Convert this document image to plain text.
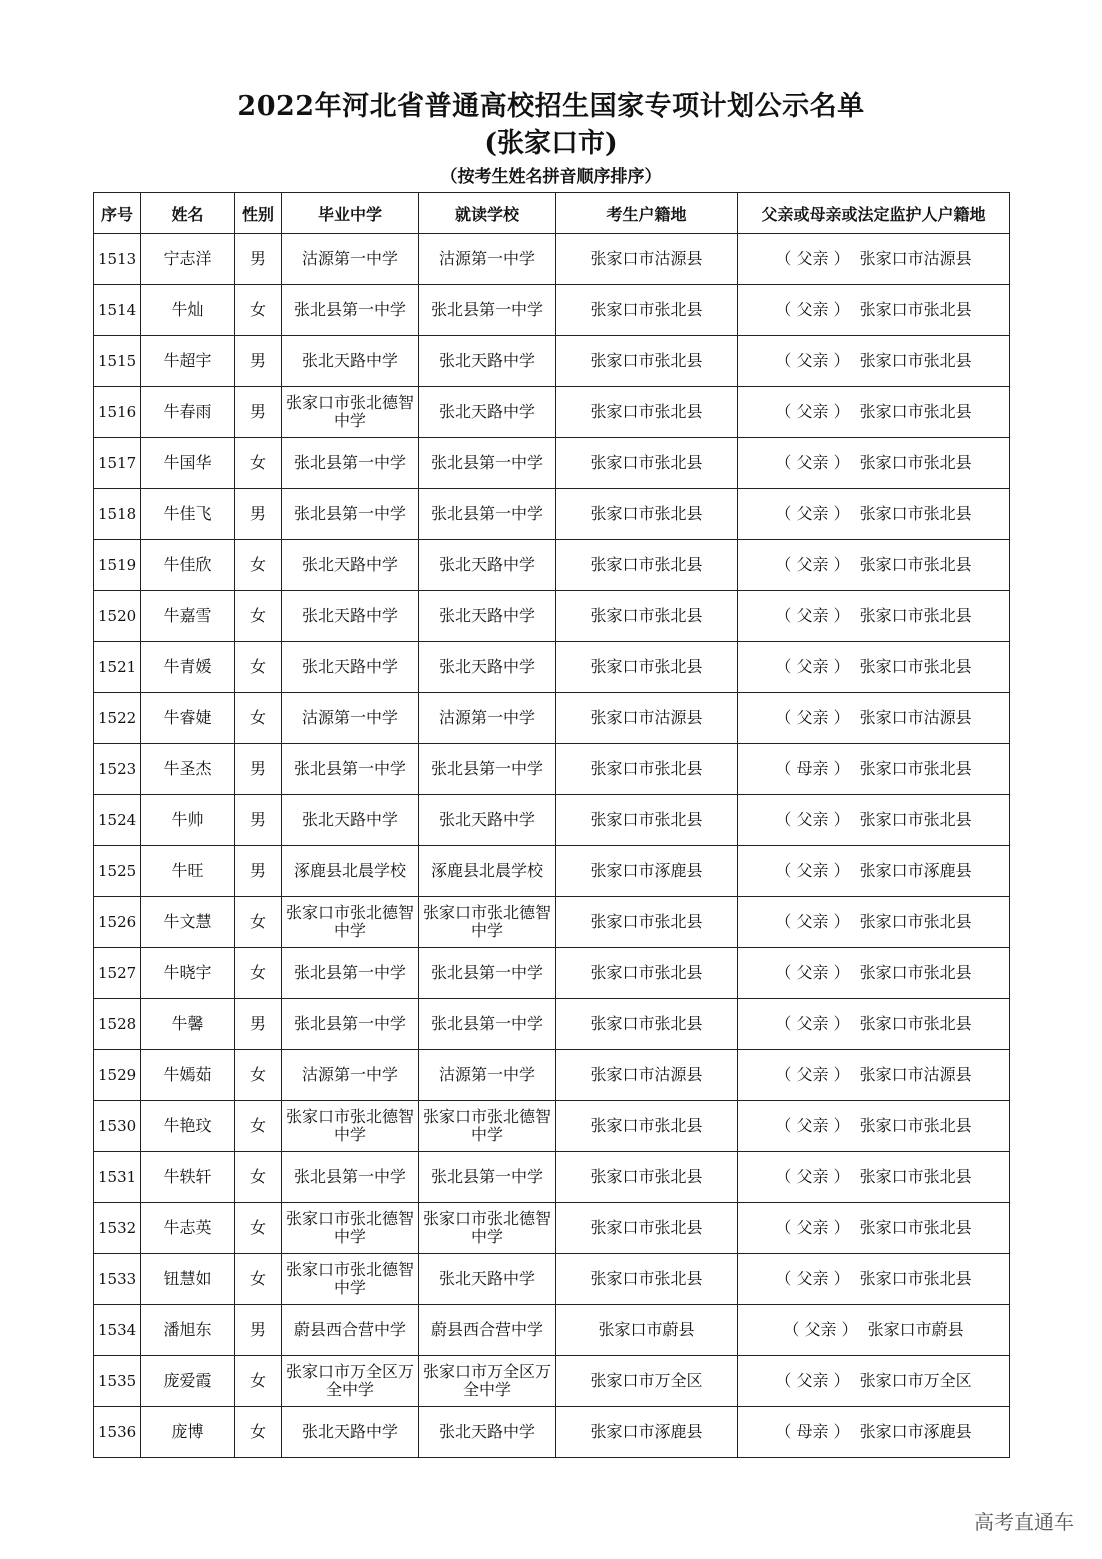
2022年河北省普通高校招生国家专项计划公示名单
(张家口市)
（按考生姓名拼音顺序排序）
序号	姓名	性别	毕业中学	就读学校	考生户籍地	父亲或母亲或法定监护人户籍地
1513	宁志洋	男	沽源第一中学	沽源第一中学	张家口市沽源县	（ 父亲 ） 张家口市沽源县
1514	牛灿	女	张北县第一中学	张北县第一中学	张家口市张北县	（ 父亲 ） 张家口市张北县
1515	牛超宇	男	张北天路中学	张北天路中学	张家口市张北县	（ 父亲 ） 张家口市张北县
1516	牛春雨	男	张家口市张北德智中学	张北天路中学	张家口市张北县	（ 父亲 ） 张家口市张北县
1517	牛国华	女	张北县第一中学	张北县第一中学	张家口市张北县	（ 父亲 ） 张家口市张北县
1518	牛佳飞	男	张北县第一中学	张北县第一中学	张家口市张北县	（ 父亲 ） 张家口市张北县
1519	牛佳欣	女	张北天路中学	张北天路中学	张家口市张北县	（ 父亲 ） 张家口市张北县
1520	牛嘉雪	女	张北天路中学	张北天路中学	张家口市张北县	（ 父亲 ） 张家口市张北县
1521	牛青媛	女	张北天路中学	张北天路中学	张家口市张北县	（ 父亲 ） 张家口市张北县
1522	牛睿婕	女	沽源第一中学	沽源第一中学	张家口市沽源县	（ 父亲 ） 张家口市沽源县
1523	牛圣杰	男	张北县第一中学	张北县第一中学	张家口市张北县	（ 母亲 ） 张家口市张北县
1524	牛帅	男	张北天路中学	张北天路中学	张家口市张北县	（ 父亲 ） 张家口市张北县
1525	牛旺	男	涿鹿县北晨学校	涿鹿县北晨学校	张家口市涿鹿县	（ 父亲 ） 张家口市涿鹿县
1526	牛文慧	女	张家口市张北德智中学	张家口市张北德智中学	张家口市张北县	（ 父亲 ） 张家口市张北县
1527	牛晓宇	女	张北县第一中学	张北县第一中学	张家口市张北县	（ 父亲 ） 张家口市张北县
1528	牛馨	男	张北县第一中学	张北县第一中学	张家口市张北县	（ 父亲 ） 张家口市张北县
1529	牛嫣茹	女	沽源第一中学	沽源第一中学	张家口市沽源县	（ 父亲 ） 张家口市沽源县
1530	牛艳玟	女	张家口市张北德智中学	张家口市张北德智中学	张家口市张北县	（ 父亲 ） 张家口市张北县
1531	牛轶轩	女	张北县第一中学	张北县第一中学	张家口市张北县	（ 父亲 ） 张家口市张北县
1532	牛志英	女	张家口市张北德智中学	张家口市张北德智中学	张家口市张北县	（ 父亲 ） 张家口市张北县
1533	钮慧如	女	张家口市张北德智中学	张北天路中学	张家口市张北县	（ 父亲 ） 张家口市张北县
1534	潘旭东	男	蔚县西合营中学	蔚县西合营中学	张家口市蔚县	（ 父亲 ） 张家口市蔚县
1535	庞爱霞	女	张家口市万全区万全中学	张家口市万全区万全中学	张家口市万全区	（ 父亲 ） 张家口市万全区
1536	庞博	女	张北天路中学	张北天路中学	张家口市涿鹿县	（ 母亲 ） 张家口市涿鹿县
高考直通车
